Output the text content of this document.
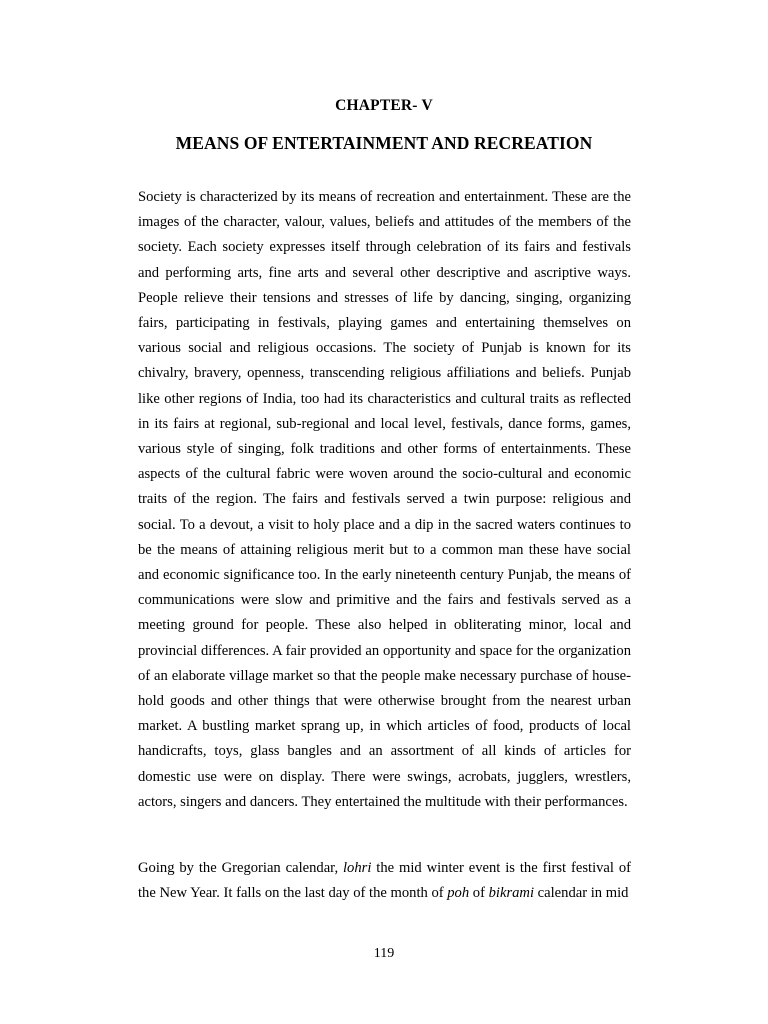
CHAPTER- V
MEANS OF ENTERTAINMENT AND RECREATION

Society is characterized by its means of recreation and entertainment. These are the images of the character, valour, values, beliefs and attitudes of the members of the society. Each society expresses itself through celebration of its fairs and festivals and performing arts, fine arts and several other descriptive and ascriptive ways. People relieve their tensions and stresses of life by dancing, singing, organizing fairs, participating in festivals, playing games and entertaining themselves on various social and religious occasions. The society of Punjab is known for its chivalry, bravery, openness, transcending religious affiliations and beliefs. Punjab like other regions of India, too had its characteristics and cultural traits as reflected in its fairs at regional, sub-regional and local level, festivals, dance forms, games, various style of singing, folk traditions and other forms of entertainments. These aspects of the cultural fabric were woven around the socio-cultural and economic traits of the region. The fairs and festivals served a twin purpose: religious and social. To a devout, a visit to holy place and a dip in the sacred waters continues to be the means of attaining religious merit but to a common man these have social and economic significance too. In the early nineteenth century Punjab, the means of communications were slow and primitive and the fairs and festivals served as a meeting ground for people. These also helped in obliterating minor, local and provincial differences. A fair provided an opportunity and space for the organization of an elaborate village market so that the people make necessary purchase of house-hold goods and other things that were otherwise brought from the nearest urban market. A bustling market sprang up, in which articles of food, products of local handicrafts, toys, glass bangles and an assortment of all kinds of articles for domestic use were on display. There were swings, acrobats, jugglers, wrestlers, actors, singers and dancers. They entertained the multitude with their performances.

Going by the Gregorian calendar, lohri the mid winter event is the first festival of the New Year. It falls on the last day of the month of poh of bikrami calendar in mid

119
